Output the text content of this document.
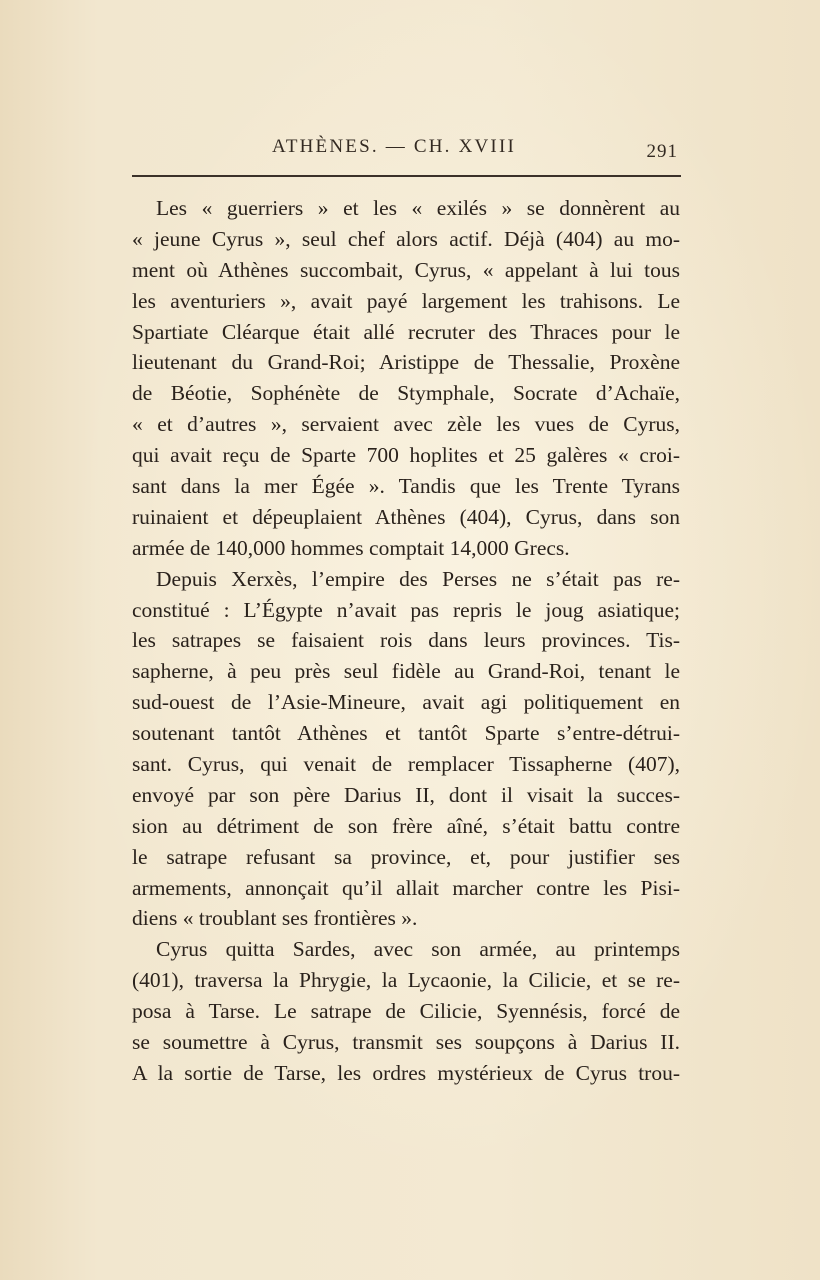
ATHÈNES. — CH. XVIII	291
Les « guerriers » et les « exilés » se donnèrent au
« jeune Cyrus », seul chef alors actif. Déjà (404) au mo-
ment où Athènes succombait, Cyrus, « appelant à lui tous
les aventuriers », avait payé largement les trahisons. Le
Spartiate Cléarque était allé recruter des Thraces pour le
lieutenant du Grand-Roi; Aristippe de Thessalie, Proxène
de Béotie, Sophénète de Stymphale, Socrate d’Achaïe,
« et d’autres », servaient avec zèle les vues de Cyrus,
qui avait reçu de Sparte 700 hoplites et 25 galères « croi-
sant dans la mer Égée ». Tandis que les Trente Tyrans
ruinaient et dépeuplaient Athènes (404), Cyrus, dans son
armée de 140,000 hommes comptait 14,000 Grecs.
Depuis Xerxès, l’empire des Perses ne s’était pas re-
constitué : L’Égypte n’avait pas repris le joug asiatique;
les satrapes se faisaient rois dans leurs provinces. Tis-
sapherne, à peu près seul fidèle au Grand-Roi, tenant le
sud-ouest de l’Asie-Mineure, avait agi politiquement en
soutenant tantôt Athènes et tantôt Sparte s’entre-détrui-
sant. Cyrus, qui venait de remplacer Tissapherne (407),
envoyé par son père Darius II, dont il visait la succes-
sion au détriment de son frère aîné, s’était battu contre
le satrape refusant sa province, et, pour justifier ses
armements, annonçait qu’il allait marcher contre les Pisi-
diens « troublant ses frontières ».
Cyrus quitta Sardes, avec son armée, au printemps
(401), traversa la Phrygie, la Lycaonie, la Cilicie, et se re-
posa à Tarse. Le satrape de Cilicie, Syennésis, forcé de
se soumettre à Cyrus, transmit ses soupçons à Darius II.
A la sortie de Tarse, les ordres mystérieux de Cyrus trou-
